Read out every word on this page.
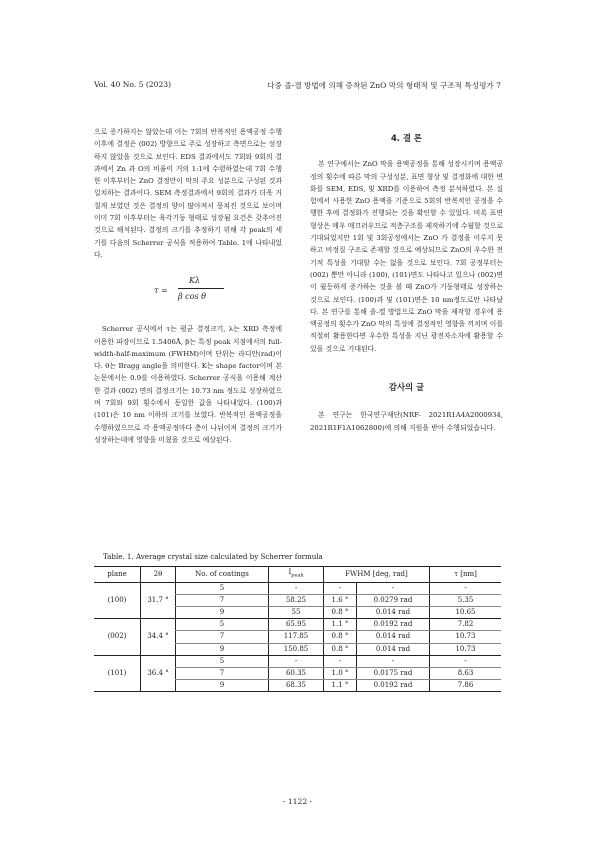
Vol. 40 No. 5 (2023)	다중 졸-겔 방법에 의해 증착된 ZnO 막의 형태적 및 구조적 특성평가 7

으로 증가하지는 않았는데 이는 7회의 반복적인 용액공정 수행이후에 결정은 ⟨002⟩ 방향으로 주로 성장하고 측면으로는 성장하지 않았을 것으로 보인다. EDS 결과에서도 7회와 9회의 결과에서 Zn 과 O의 비율이 거의 1:1에 수렴하였는데 7회 수행한 이후부터는 ZnO 결정만이 막의 주요 성분으로 구성된 것과 일치하는 결과이다. SEM 측정결과에서 9회의 결과가 더욱 거칠게 보였던 것은 결정의 양이 많아져서 뭉쳐진 것으로 보이며 이미 7회 이후부터는 육각기둥 형태로 성장됨 요건은 갖추어진 것으로 해석된다. 결정의 크기를 추정하기 위해 각 peak의 세기를 다음의 Scherrer 공식을 적용하여 Table. 1에 나타내었다.

τ =
Kλ
β cos θ

Scherrer 공식에서 τ는 평균 결정크기, λ는 XRD 측정에 이용한 파장이므로 1.5406Å, β는 특정 peak 지점에서의 full-width-half-maximum (FWHM)이며 단위는 라디안(rad)이다. θ는 Bragg angle을 의미한다. K는 shape factor이며 본 논문에서는 0.9를 이용하였다. Scherrer 공식을 이용해 계산한 결과 (002) 면의 결정크기는 10.73 nm 정도로 성장하였으며 7회와 9회 횟수에서 동일한 값을 나타내었다. (100)과 (101)은 10 nm 이하의 크기를 보였다. 반복적인 용액공정을 수행하였으므로 각 용액공정마다 층이 나뉘어져 결정의 크기가 성장하는데에 영향을 미쳤을 것으로 예상된다.

4. 결 론

본 연구에서는 ZnO 막을 용액공정을 통해 성장시키며 용액공정의 횟수에 따른 막의 구성성분, 표면 형상 및 결정화에 대한 변화를 SEM, EDS, 및 XRD를 이용하여 측정 분석하였다. 본 실험에서 사용한 ZnO 용액을 기준으로 5회의 반복적인 공정을 수행한 후에 결정화가 진행되는 것을 확인할 수 있었다. 비록 표면 형상은 매우 매끄러우므로 적층구조를 제작하기에 수월할 것으로 기대되었지만 1회 및 3회공정에서는 ZnO 가 결정을 이루지 못하고 비정질 구조로 존재할 것으로 예상되므로 ZnO의 우수한 전기적 특성을 기대할 수는 없을 것으로 보인다. 7회 공정부터는 (002) 뿐만 아니라 (100), (101)면도 나타나고 있으나 (002)면이 월등하게 증가하는 것을 볼 때 ZnO가 기둥형태로 성장하는 것으로 보인다. (100)과 및 (101)면은 10 nm정도로만 나타났다. 본 연구를 통해 졸-겔 방법으로 ZnO 막을 제작할 경우에 용액공정의 횟수가 ZnO 막의 특성에 결정적인 영향을 끼치며 이를 적절히 활용한다면 우수한 특성을 지닌 광전자소자에 활용할 수 있을 것으로 기대된다.

감사의 글

본 연구는 한국연구재단(NRF- 2021R1A4A2000934, 2021R1F1A1062800)에 의해 지원을 받아 수행되었습니다.

Table. 1. Average crystal size calculated by Scherrer formula
plane	2θ	No. of coatings	$I_{peak}$	FWHM [deg, rad]		τ [nm]
(100)	31.7 °	5	-	-	-	-
		7	58.25	1.6 °	0.0279 rad	5.35
		9	55	0.8 °	0.014 rad	10.65
(002)	34.4 °	5	65.95	1.1 °	0.0192 rad	7.82
		7	117.85	0.8 °	0.014 rad	10.73
		9	150.85	0.8 °	0.014 rad	10.73
(101)	36.4 °	5	-	-	-	-
		7	60.35	1.0 °	0.0175 rad	8.63
		9	68.35	1.1 °	0.0192 rad	7.86
- 1122 -
